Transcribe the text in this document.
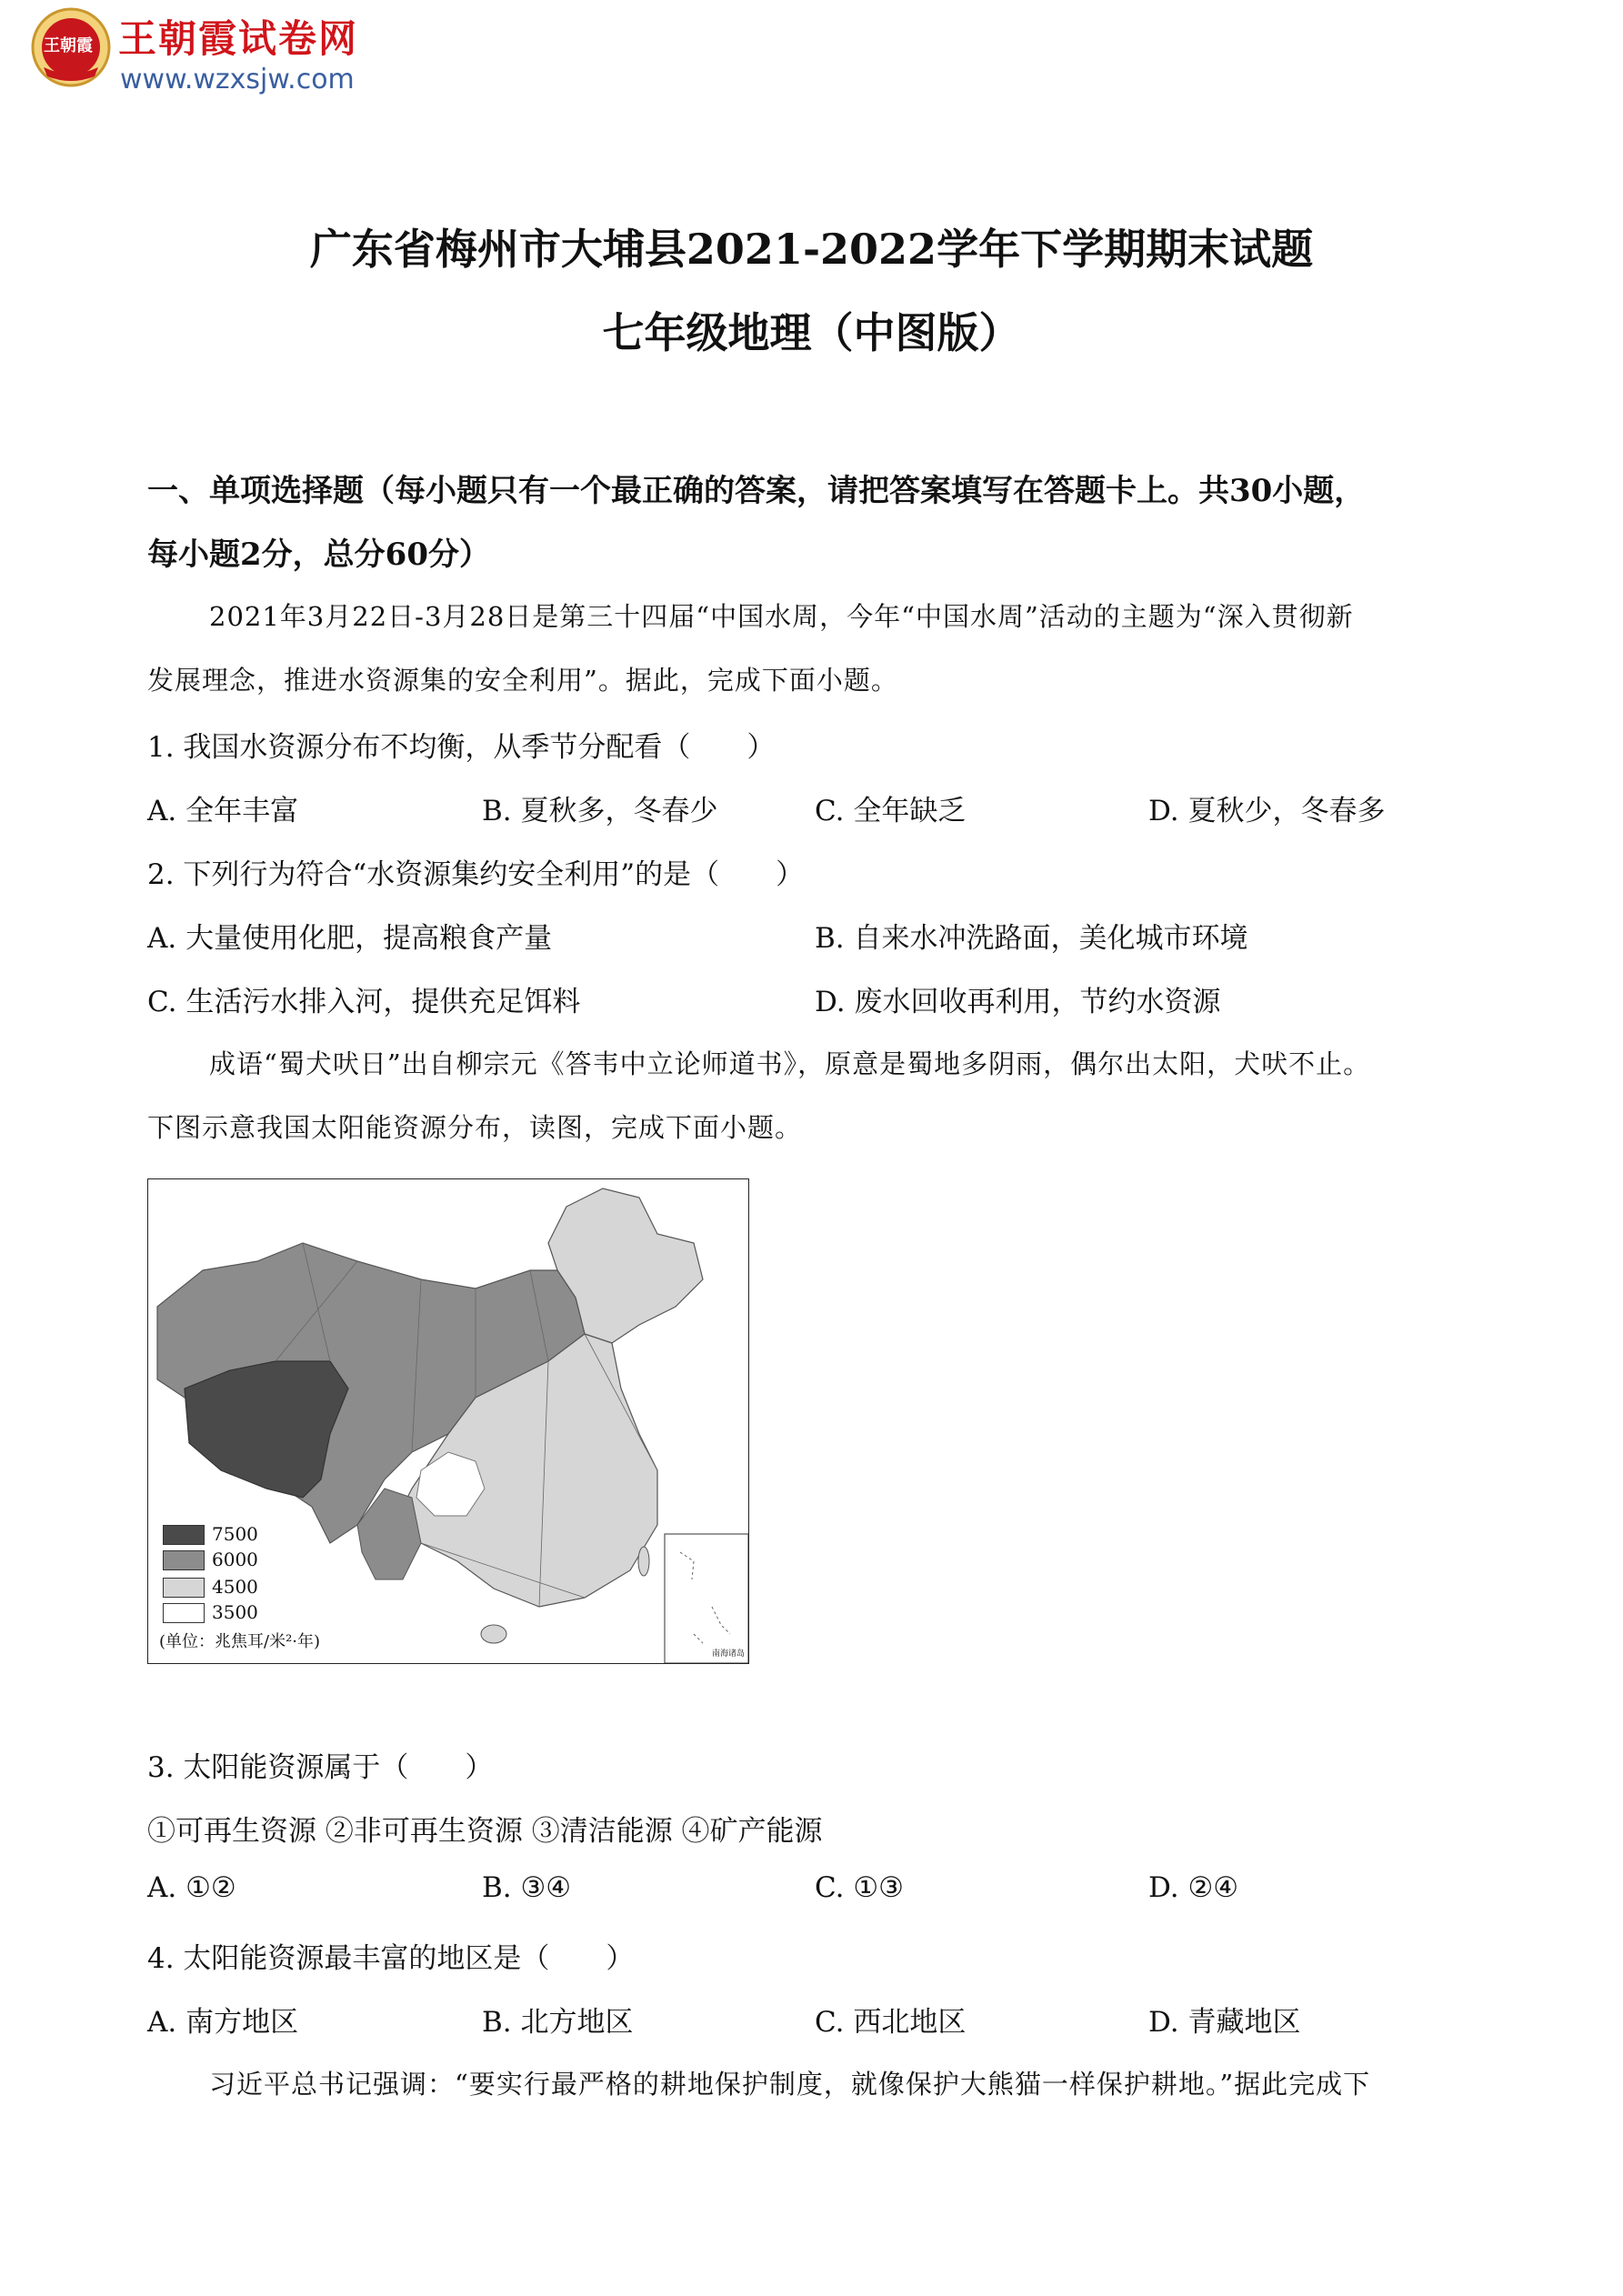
王朝霞 王朝霞试卷网
www.wzxsjw.com
广东省梅州市大埔县2021-2022学年下学期期末试题
七年级地理（中图版）
一、单项选择题（每小题只有一个最正确的答案，请把答案填写在答题卡上。共30小题，
每小题2分，总分60分）
2021年3月22日-3月28日是第三十四届“中国水周，今年“中国水周”活动的主题为“深入贯彻新
发展理念，推进水资源集的安全利用”。据此，完成下面小题。
1. 我国水资源分布不均衡，从季节分配看（　　）
A. 全年丰富	B. 夏秋多，冬春少	C. 全年缺乏	D. 夏秋少，冬春多
2. 下列行为符合“水资源集约安全利用”的是（　　）
A. 大量使用化肥，提高粮食产量	B. 自来水冲洗路面，美化城市环境
C. 生活污水排入河，提供充足饵料	D. 废水回收再利用，节约水资源
成语“蜀犬吠日”出自柳宗元《答韦中立论师道书》，原意是蜀地多阴雨，偶尔出太阳，犬吠不止。
下图示意我国太阳能资源分布，读图，完成下面小题。
7500
6000
4500
3500
(单位：兆焦耳/米²·年)
南海诸岛
3. 太阳能资源属于（　　）
①可再生资源 ②非可再生资源 ③清洁能源 ④矿产能源
A. ①②	B. ③④	C. ①③	D. ②④
4. 太阳能资源最丰富的地区是（　　）
A. 南方地区	B. 北方地区	C. 西北地区	D. 青藏地区
习近平总书记强调：“要实行最严格的耕地保护制度，就像保护大熊猫一样保护耕地。”据此完成下
